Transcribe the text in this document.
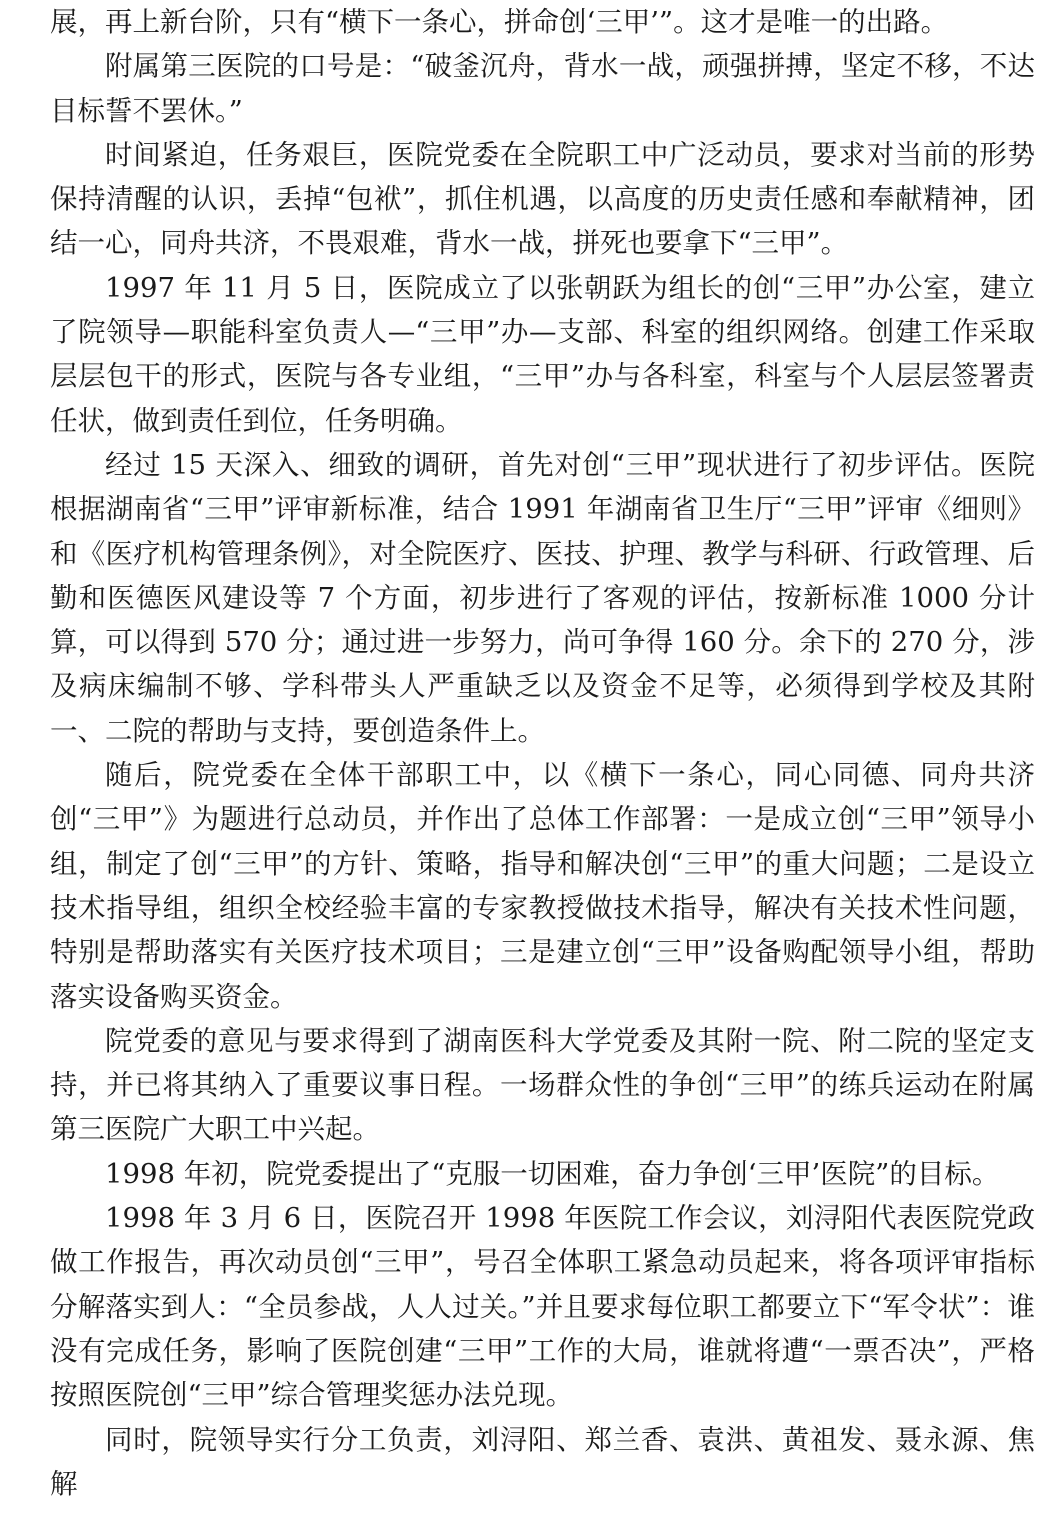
展，再上新台阶，只有“横下一条心，拼命创‘三甲’”。这才是唯一的出路。

附属第三医院的口号是：“破釜沉舟，背水一战，顽强拼搏，坚定不移，不达目标誓不罢休。”

时间紧迫，任务艰巨，医院党委在全院职工中广泛动员，要求对当前的形势保持清醒的认识，丢掉“包袱”，抓住机遇，以高度的历史责任感和奉献精神，团结一心，同舟共济，不畏艰难，背水一战，拼死也要拿下“三甲”。

1997 年 11 月 5 日，医院成立了以张朝跃为组长的创“三甲”办公室，建立了院领导—职能科室负责人—“三甲”办—支部、科室的组织网络。创建工作采取层层包干的形式，医院与各专业组，“三甲”办与各科室，科室与个人层层签署责任状，做到责任到位，任务明确。

经过 15 天深入、细致的调研，首先对创“三甲”现状进行了初步评估。医院根据湖南省“三甲”评审新标准，结合 1991 年湖南省卫生厅“三甲”评审《细则》和《医疗机构管理条例》，对全院医疗、医技、护理、教学与科研、行政管理、后勤和医德医风建设等 7 个方面，初步进行了客观的评估，按新标准 1000 分计算，可以得到 570 分；通过进一步努力，尚可争得 160 分。余下的 270 分，涉及病床编制不够、学科带头人严重缺乏以及资金不足等，必须得到学校及其附一、二院的帮助与支持，要创造条件上。

随后，院党委在全体干部职工中，以《横下一条心，同心同德、同舟共济创“三甲”》为题进行总动员，并作出了总体工作部署：一是成立创“三甲”领导小组，制定了创“三甲”的方针、策略，指导和解决创“三甲”的重大问题；二是设立技术指导组，组织全校经验丰富的专家教授做技术指导，解决有关技术性问题，特别是帮助落实有关医疗技术项目；三是建立创“三甲”设备购配领导小组，帮助落实设备购买资金。

院党委的意见与要求得到了湖南医科大学党委及其附一院、附二院的坚定支持，并已将其纳入了重要议事日程。一场群众性的争创“三甲”的练兵运动在附属第三医院广大职工中兴起。

1998 年初，院党委提出了“克服一切困难，奋力争创‘三甲’医院”的目标。

1998 年 3 月 6 日，医院召开 1998 年医院工作会议，刘浔阳代表医院党政做工作报告，再次动员创“三甲”，号召全体职工紧急动员起来，将各项评审指标分解落实到人：“全员参战，人人过关。”并且要求每位职工都要立下“军令状”：谁没有完成任务，影响了医院创建“三甲”工作的大局，谁就将遭“一票否决”，严格按照医院创“三甲”综合管理奖惩办法兑现。

同时，院领导实行分工负责，刘浔阳、郑兰香、袁洪、黄祖发、聂永源、焦解
